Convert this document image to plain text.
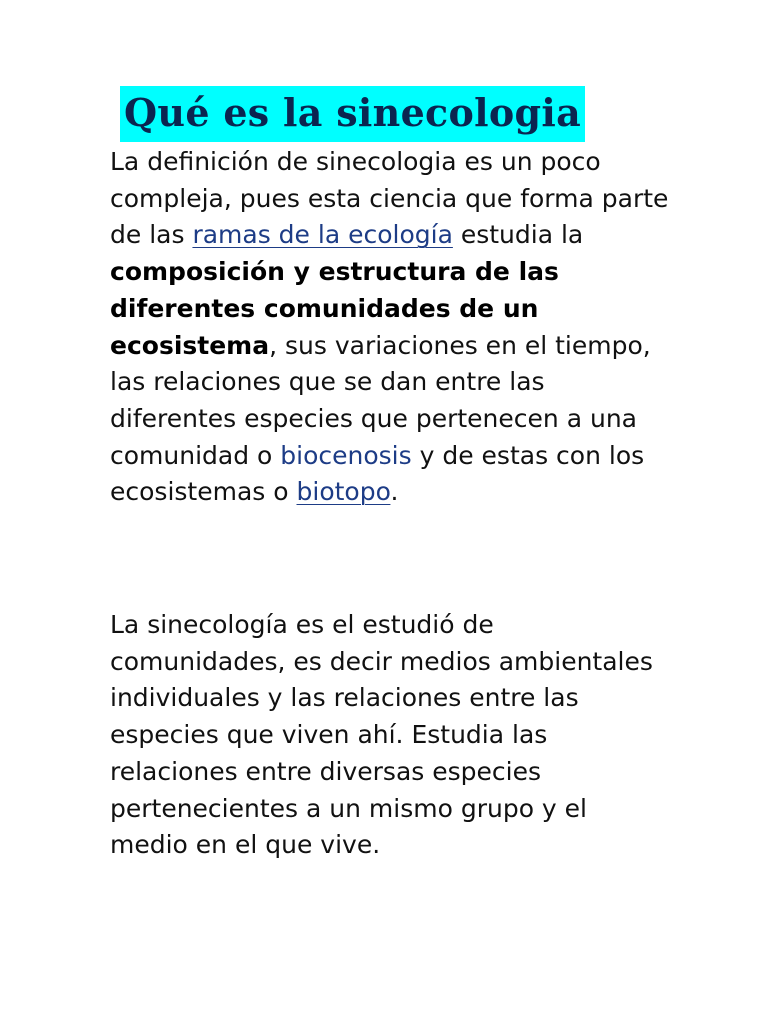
Qué es la sinecologia

La definición de sinecologia es un poco compleja, pues esta ciencia que forma parte de las ramas de la ecología estudia la composición y estructura de las diferentes comunidades de un ecosistema, sus variaciones en el tiempo, las relaciones que se dan entre las diferentes especies que pertenecen a una comunidad o biocenosis y de estas con los ecosistemas o biotopo.

La sinecología es el estudió de comunidades, es decir medios ambientales individuales y las relaciones entre las especies que viven ahí. Estudia las relaciones entre diversas especies pertenecientes a un mismo grupo y el medio en el que vive.
